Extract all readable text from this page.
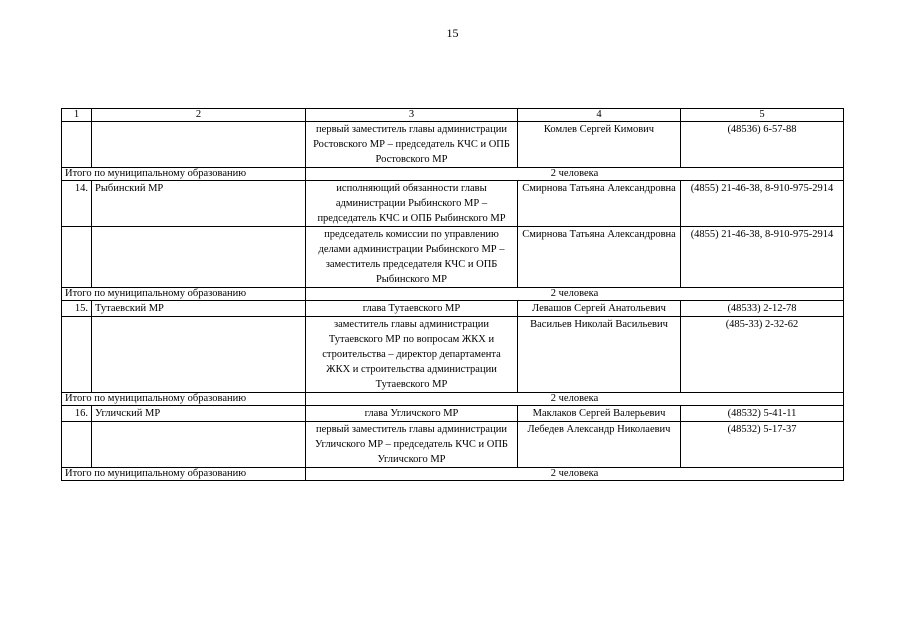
15
1	2	3	4	5
		первый заместитель главы администрации Ростовского МР – председатель КЧС и ОПБ Ростовского МР	Комлев Сергей Кимович	(48536) 6-57-88
Итого по муниципальному образованию		2 человека		
14.	Рыбинский МР	исполняющий обязанности главы администрации Рыбинского МР – председатель КЧС и ОПБ Рыбинского МР	Смирнова Татьяна Александровна	(4855) 21-46-38, 8-910-975-2914
		председатель комиссии по управлению делами администрации Рыбинского МР – заместитель председателя КЧС и ОПБ Рыбинского МР	Смирнова Татьяна Александровна	(4855) 21-46-38, 8-910-975-2914
Итого по муниципальному образованию		2 человека		
15.	Тутаевский МР	глава Тутаевского МР	Левашов Сергей Анатольевич	(48533) 2-12-78
		заместитель главы администрации Тутаевского МР по вопросам ЖКХ и строительства – директор департамента ЖКХ и строительства администрации Тутаевского МР	Васильев Николай Васильевич	(485-33) 2-32-62
Итого по муниципальному образованию		2 человека		
16.	Угличский МР	глава Угличского МР	Маклаков Сергей Валерьевич	(48532) 5-41-11
		первый заместитель главы администрации Угличского МР – председатель КЧС и ОПБ Угличского МР	Лебедев Александр Николаевич	(48532) 5-17-37
Итого по муниципальному образованию		2 человека		
